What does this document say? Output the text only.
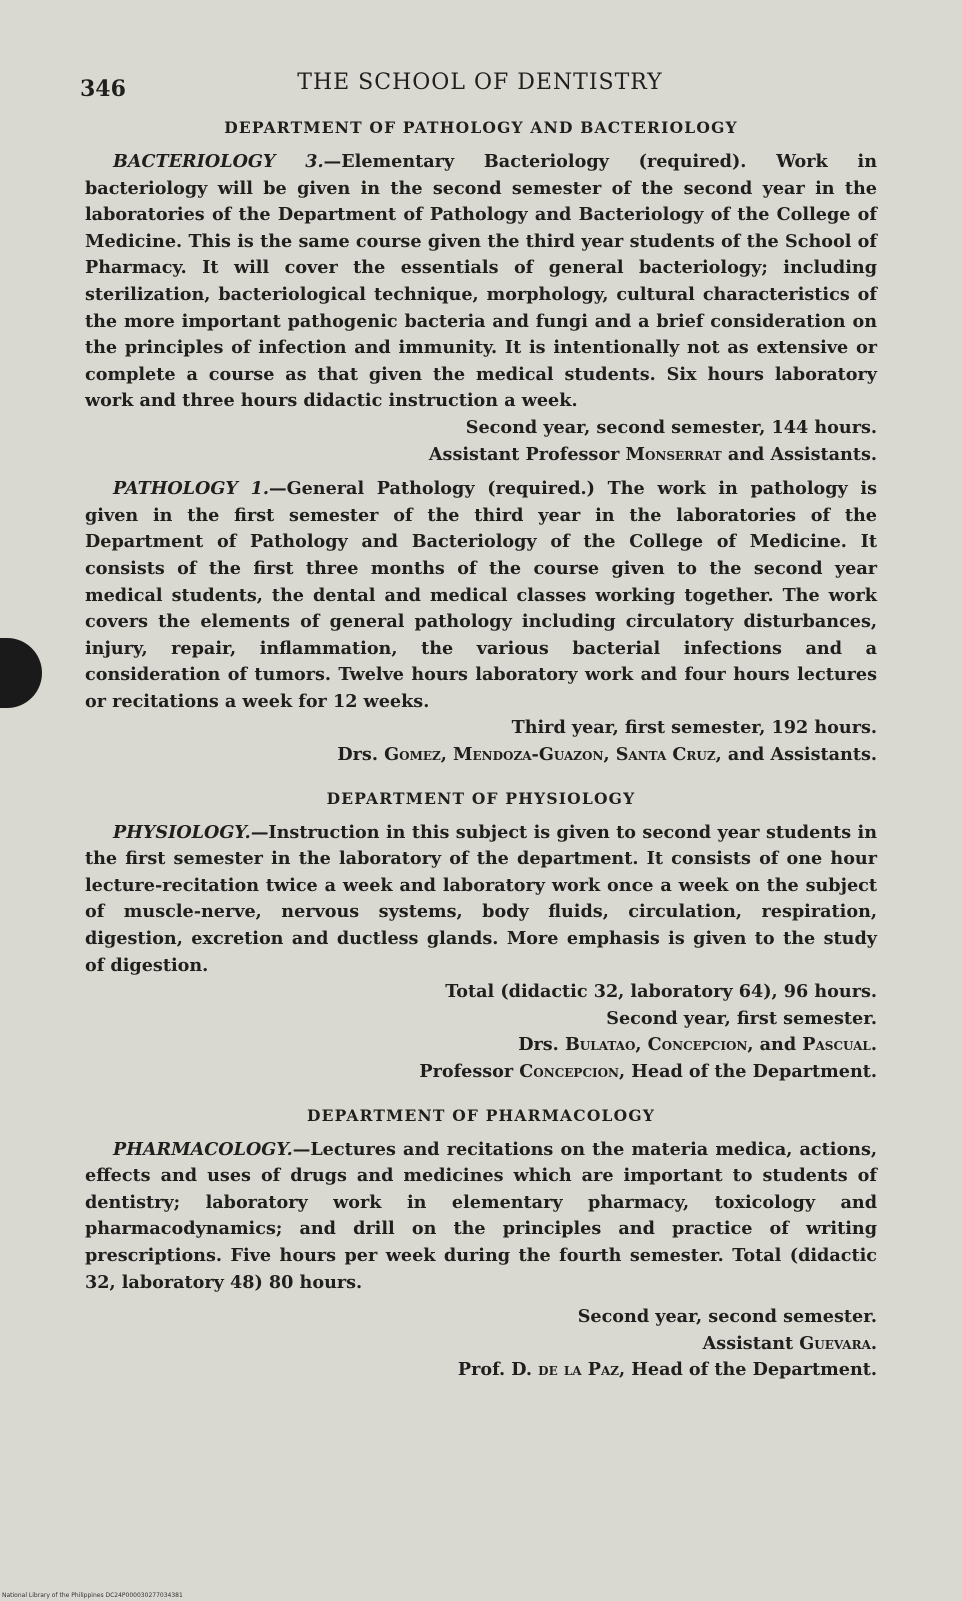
346	THE SCHOOL OF DENTISTRY
DEPARTMENT OF PATHOLOGY AND BACTERIOLOGY

BACTERIOLOGY 3.—Elementary Bacteriology (required). Work in bacteriology will be given in the second semester of the second year in the laboratories of the Department of Pathology and Bacteriology of the College of Medicine. This is the same course given the third year students of the School of Pharmacy. It will cover the essentials of general bacteriology; including sterilization, bacteriological technique, morphology, cultural characteristics of the more important pathogenic bacteria and fungi and a brief consideration on the principles of infection and immunity. It is intentionally not as extensive or complete a course as that given the medical students. Six hours laboratory work and three hours didactic instruction a week.

Second year, second semester, 144 hours.

Assistant Professor Monserrat and Assistants.

PATHOLOGY 1.—General Pathology (required.) The work in pathology is given in the first semester of the third year in the laboratories of the Department of Pathology and Bacteriology of the College of Medicine. It consists of the first three months of the course given to the second year medical students, the dental and medical classes working together. The work covers the elements of general pathology including circulatory disturbances, injury, repair, inflammation, the various bacterial infections and a consideration of tumors. Twelve hours laboratory work and four hours lectures or recitations a week for 12 weeks.

Third year, first semester, 192 hours.

Drs. Gomez, Mendoza-Guazon, Santa Cruz, and Assistants.

DEPARTMENT OF PHYSIOLOGY

PHYSIOLOGY.—Instruction in this subject is given to second year students in the first semester in the laboratory of the department. It consists of one hour lecture-recitation twice a week and laboratory work once a week on the subject of muscle-nerve, nervous systems, body fluids, circulation, respiration, digestion, excretion and ductless glands. More emphasis is given to the study of digestion.

Total (didactic 32, laboratory 64), 96 hours.

Second year, first semester.

Drs. Bulatao, Concepcion, and Pascual.

Professor Concepcion, Head of the Department.

DEPARTMENT OF PHARMACOLOGY

PHARMACOLOGY.—Lectures and recitations on the materia medica, actions, effects and uses of drugs and medicines which are important to students of dentistry; laboratory work in elementary pharmacy, toxicology and pharmacodynamics; and drill on the principles and practice of writing prescriptions. Five hours per week during the fourth semester. Total (didactic 32, laboratory 48) 80 hours.

Second year, second semester.

Assistant Guevara.

Prof. D. de la Paz, Head of the Department.

National Library of the Philippines DC24P000030277034381
